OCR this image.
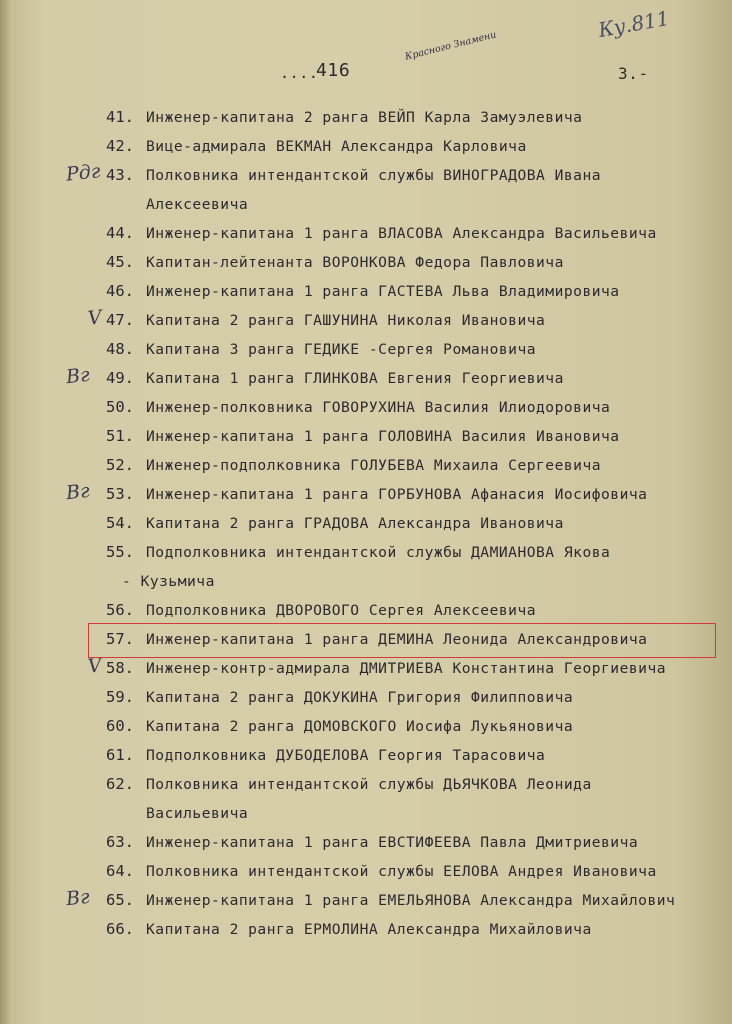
....
416
Красного Знамени
3.-
Ку.811
41. Инженер-капитана 2 ранга ВЕЙП Карла Замуэлевича
42. Вице-адмирала ВЕКМАН Александра Карловича
43. Полковника интендантской службы ВИНОГРАДОВА Ивана
Рдг
Алексеевича
44. Инженер-капитана 1 ранга ВЛАСОВА Александра Васильевича
45. Капитан-лейтенанта ВОРОНКОВА Федора Павловича
46. Инженер-капитана 1 ранга ГАСТЕВА Льва Владимировича
47. Капитана 2 ранга ГАШУНИНА Николая Ивановича
V
48. Капитана 3 ранга ГЕДИКЕ -Сергея Романовича
49. Капитана 1 ранга ГЛИНКОВА Евгения Георгиевича
Вг
50. Инженер-полковника ГОВОРУХИНА Василия Илиодоровича
51. Инженер-капитана 1 ранга ГОЛОВИНА Василия Ивановича
52. Инженер-подполковника ГОЛУБЕВА Михаила Сергеевича
53. Инженер-капитана 1 ранга ГОРБУНОВА Афанасия Иосифовича
Вг
54. Капитана 2 ранга ГРАДОВА Александра Ивановича
55. Подполковника интендантской службы ДАМИАНОВА Якова
- Кузьмича
56. Подполковника ДВОРОВОГО Сергея Алексеевича
57. Инженер-капитана 1 ранга ДЕМИНА Леонида Александровича
58. Инженер-контр-адмирала ДМИТРИЕВА Константина Георгиевича
V
59. Капитана 2 ранга ДОКУКИНА Григория Филипповича
60. Капитана 2 ранга ДОМОВСКОГО Иосифа Лукьяновича
61. Подполковника ДУБОДЕЛОВА Георгия Тарасовича
62. Полковника интендантской службы ДЬЯЧКОВА Леонида
Васильевича
63. Инженер-капитана 1 ранга ЕВСТИФЕЕВА Павла Дмитриевича
64. Полковника интендантской службы ЕЕЛОВА Андрея Ивановича
65. Инженер-капитана 1 ранга ЕМЕЛЬЯНОВА Александра Михайлович
Вг
66. Капитана 2 ранга ЕРМОЛИНА Александра Михайловича
